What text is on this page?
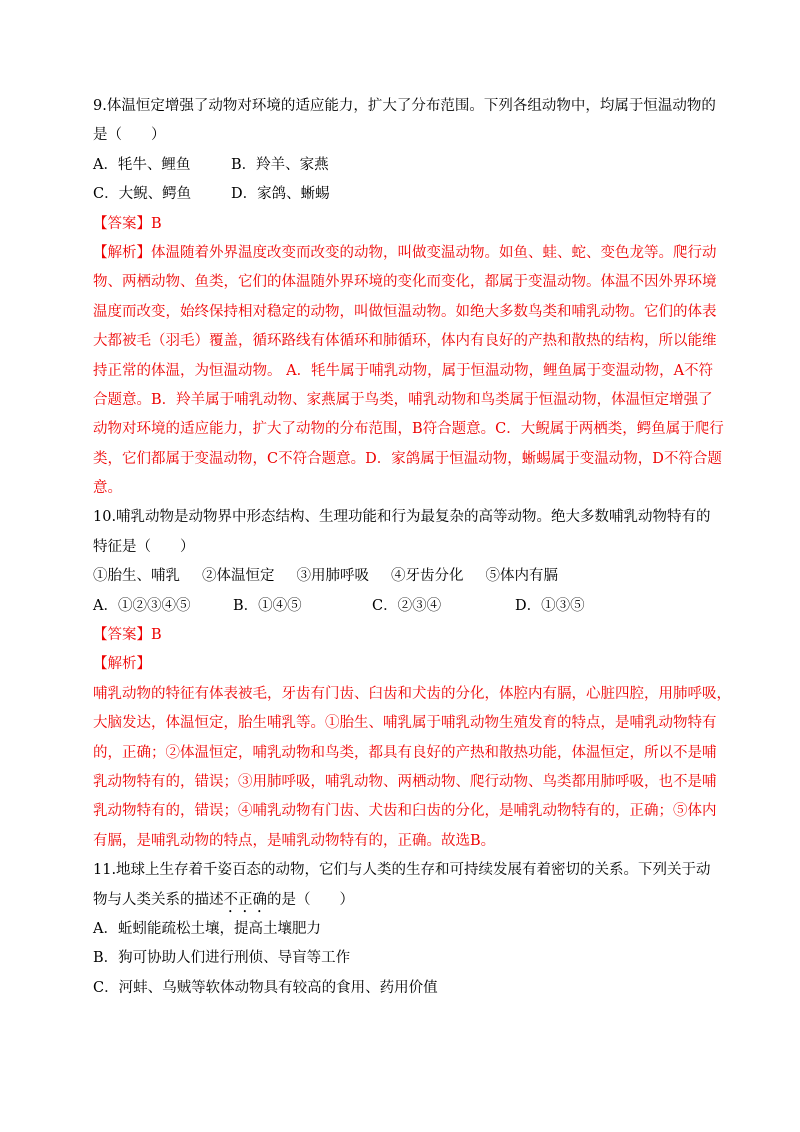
9.体温恒定增强了动物对环境的适应能力，扩大了分布范围。下列各组动物中，均属于恒温动物的
是（　　）
A．牦牛、鲤鱼	B．羚羊、家燕
C．大鲵、鳄鱼	D．家鸽、蜥蜴
【答案】B
【解析】体温随着外界温度改变而改变的动物，叫做变温动物。如鱼、蛙、蛇、变色龙等。爬行动
物、两栖动物、鱼类，它们的体温随外界环境的变化而变化，都属于变温动物。体温不因外界环境
温度而改变，始终保持相对稳定的动物，叫做恒温动物。如绝大多数鸟类和哺乳动物。它们的体表
大都被毛（羽毛）覆盖，循环路线有体循环和肺循环，体内有良好的产热和散热的结构，所以能维
持正常的体温，为恒温动物。 A．牦牛属于哺乳动物，属于恒温动物，鲤鱼属于变温动物，A不符
合题意。B．羚羊属于哺乳动物、家燕属于鸟类，哺乳动物和鸟类属于恒温动物，体温恒定增强了
动物对环境的适应能力，扩大了动物的分布范围，B符合题意。C．大鲵属于两栖类，鳄鱼属于爬行
类，它们都属于变温动物，C不符合题意。D．家鸽属于恒温动物，蜥蜴属于变温动物，D不符合题
意。
10.哺乳动物是动物界中形态结构、生理功能和行为最复杂的高等动物。绝大多数哺乳动物特有的
特征是（　　）
①胎生、哺乳 ②体温恒定 ③用肺呼吸 ④牙齿分化 ⑤体内有膈
A．①②③④⑤	B．①④⑤	C．②③④	D．①③⑤
【答案】B
【解析】
哺乳动物的特征有体表被毛，牙齿有门齿、臼齿和犬齿的分化，体腔内有膈，心脏四腔，用肺呼吸，
大脑发达，体温恒定，胎生哺乳等。①胎生、哺乳属于哺乳动物生殖发育的特点，是哺乳动物特有
的，正确；②体温恒定，哺乳动物和鸟类，都具有良好的产热和散热功能，体温恒定，所以不是哺
乳动物特有的，错误；③用肺呼吸，哺乳动物、两栖动物、爬行动物、鸟类都用肺呼吸，也不是哺
乳动物特有的，错误；④哺乳动物有门齿、犬齿和臼齿的分化，是哺乳动物特有的，正确；⑤体内
有膈，是哺乳动物的特点，是哺乳动物特有的，正确。故选B。
11.地球上生存着千姿百态的动物，它们与人类的生存和可持续发展有着密切的关系。下列关于动
物与人类关系的描述不正确的是（　　）
A．蚯蚓能疏松土壤，提高土壤肥力
B．狗可协助人们进行刑侦、导盲等工作
C．河蚌、乌贼等软体动物具有较高的食用、药用价值
